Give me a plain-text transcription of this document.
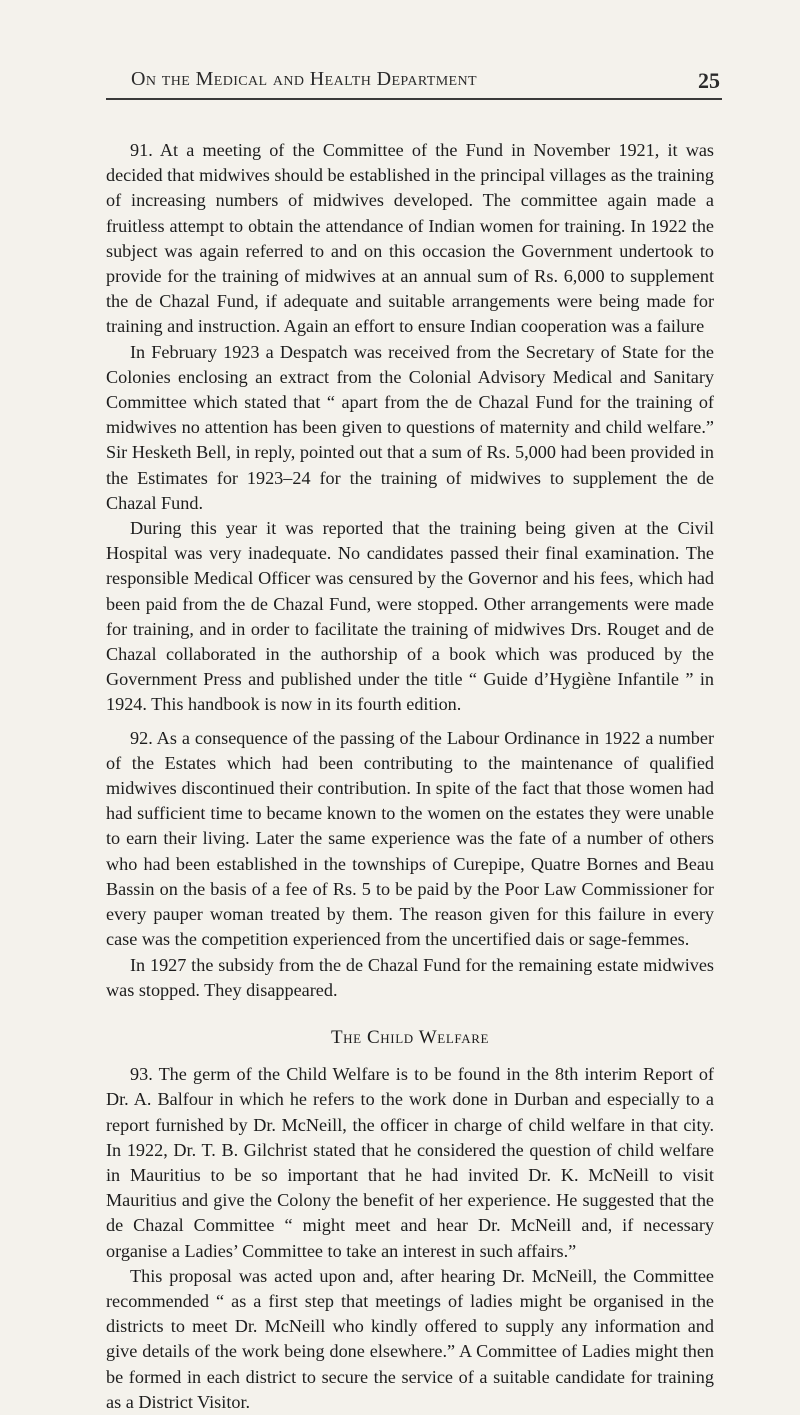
On the Medical and Health Department	25

91. At a meeting of the Committee of the Fund in November 1921, it was decided that midwives should be established in the principal villages as the training of increasing numbers of midwives developed. The committee again made a fruitless attempt to obtain the attendance of Indian women for training. In 1922 the subject was again referred to and on this occasion the Government undertook to provide for the training of midwives at an annual sum of Rs. 6,000 to supplement the de Chazal Fund, if adequate and suitable arrangements were being made for training and instruction. Again an effort to ensure Indian cooperation was a failure

In February 1923 a Despatch was received from the Secretary of State for the Colonies enclosing an extract from the Colonial Advisory Medical and Sanitary Committee which stated that “ apart from the de Chazal Fund for the training of midwives no attention has been given to questions of maternity and child welfare.” Sir Hesketh Bell, in reply, pointed out that a sum of Rs. 5,000 had been provided in the Estimates for 1923–24 for the training of midwives to supplement the de Chazal Fund.

During this year it was reported that the training being given at the Civil Hospital was very inadequate. No candidates passed their final examination. The responsible Medical Officer was censured by the Governor and his fees, which had been paid from the de Chazal Fund, were stopped. Other arrangements were made for training, and in order to facilitate the training of midwives Drs. Rouget and de Chazal collaborated in the authorship of a book which was produced by the Government Press and published under the title “ Guide d’Hygiène Infantile ” in 1924. This handbook is now in its fourth edition.

92. As a consequence of the passing of the Labour Ordinance in 1922 a number of the Estates which had been contributing to the maintenance of qualified midwives discontinued their contribution. In spite of the fact that those women had had sufficient time to became known to the women on the estates they were unable to earn their living. Later the same experience was the fate of a number of others who had been established in the townships of Curepipe, Quatre Bornes and Beau Bassin on the basis of a fee of Rs. 5 to be paid by the Poor Law Commissioner for every pauper woman treated by them. The reason given for this failure in every case was the competition experienced from the uncertified dais or sage-femmes.

In 1927 the subsidy from the de Chazal Fund for the remaining estate midwives was stopped. They disappeared.

The Child Welfare

93. The germ of the Child Welfare is to be found in the 8th interim Report of Dr. A. Balfour in which he refers to the work done in Durban and especially to a report furnished by Dr. McNeill, the officer in charge of child welfare in that city. In 1922, Dr. T. B. Gilchrist stated that he considered the question of child welfare in Mauritius to be so important that he had invited Dr. K. McNeill to visit Mauritius and give the Colony the benefit of her experience. He suggested that the de Chazal Committee “ might meet and hear Dr. McNeill and, if necessary organise a Ladies’ Committee to take an interest in such affairs.”

This proposal was acted upon and, after hearing Dr. McNeill, the Committee recommended “ as a first step that meetings of ladies might be organised in the districts to meet Dr. McNeill who kindly offered to supply any information and give details of the work being done elsewhere.” A Committee of Ladies might then be formed in each district to secure the service of a suitable candidate for training as a District Visitor.
